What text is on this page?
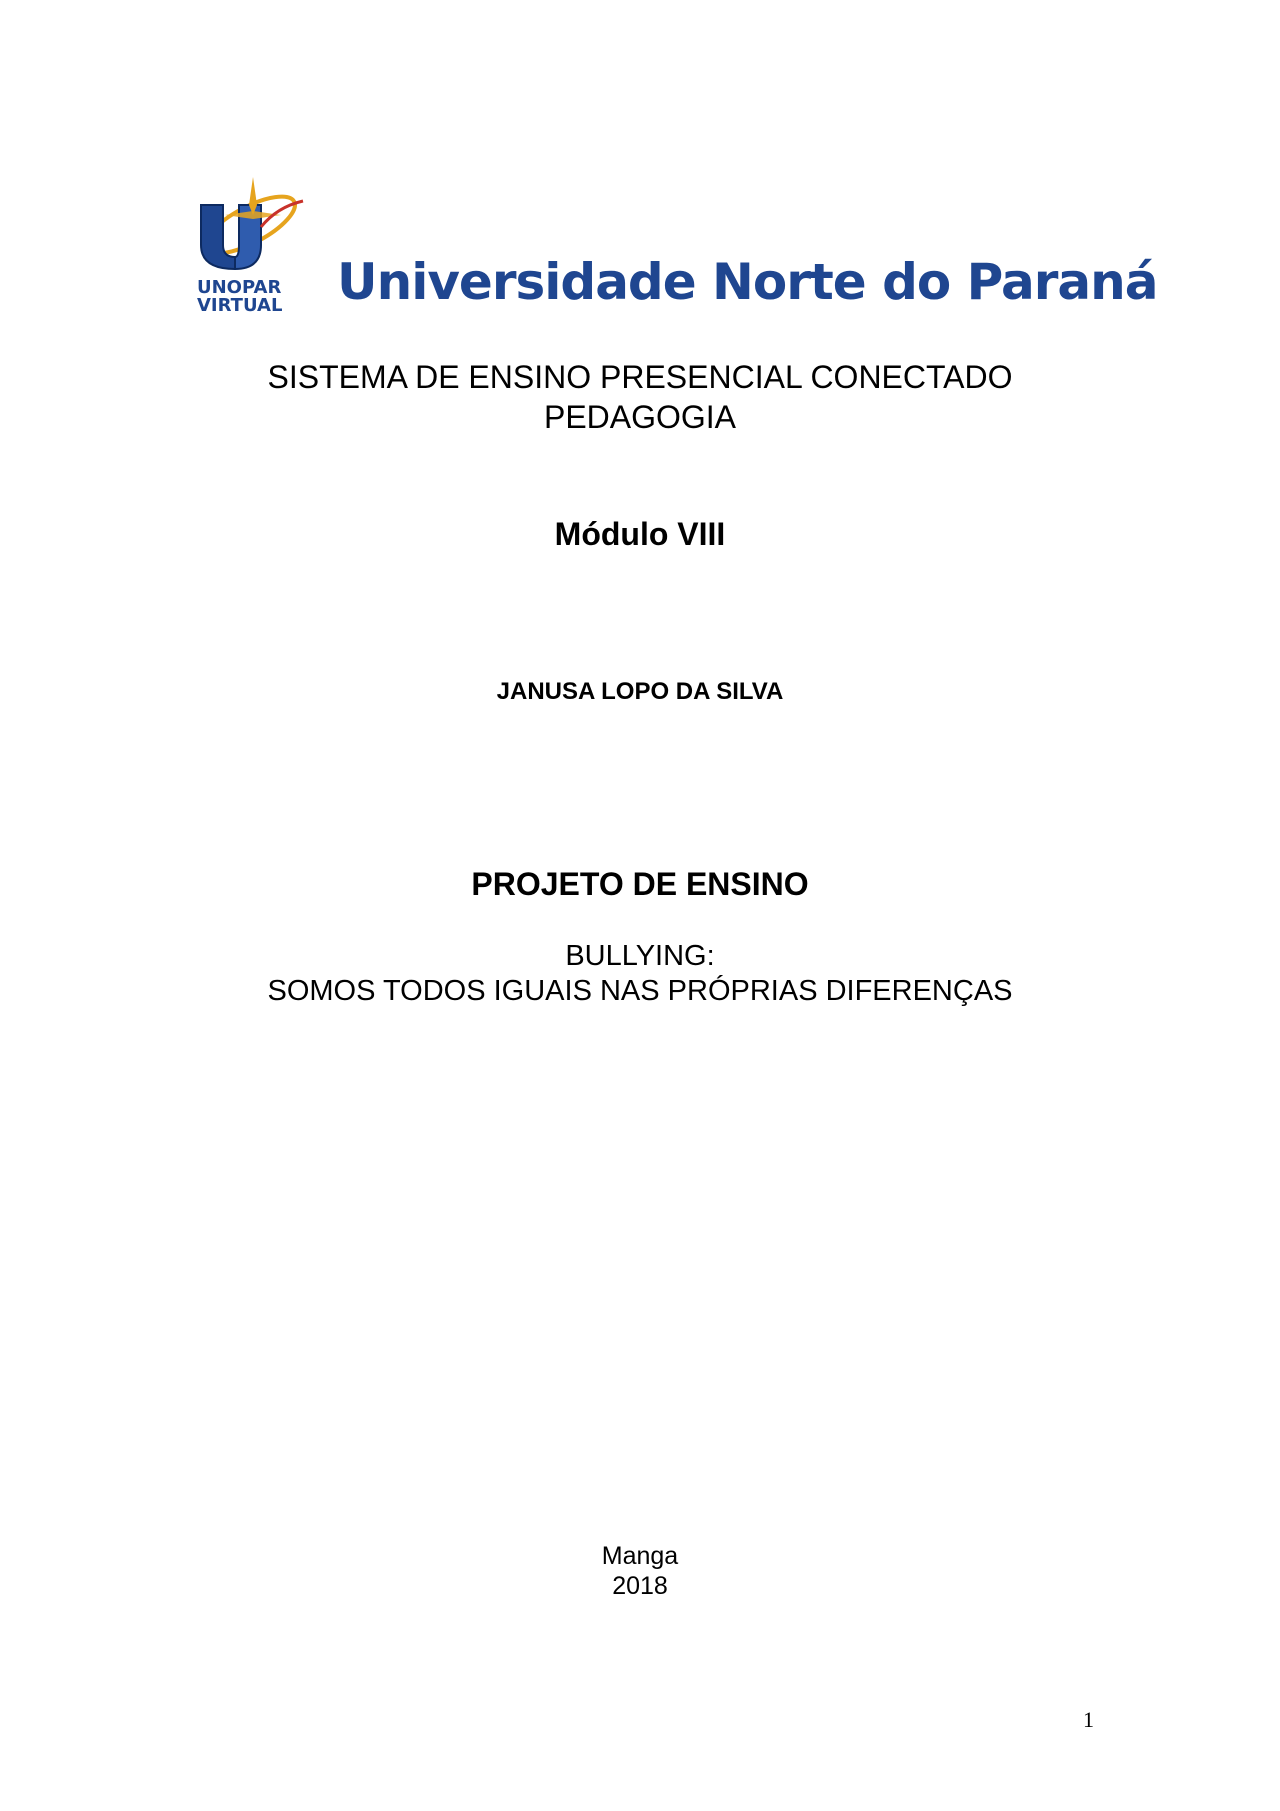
UNOPAR
VIRTUAL Universidade Norte do Paraná
SISTEMA DE ENSINO PRESENCIAL CONECTADO
PEDAGOGIA
Módulo VIII
JANUSA LOPO DA SILVA
PROJETO DE ENSINO
BULLYING:
SOMOS TODOS IGUAIS NAS PRÓPRIAS DIFERENÇAS
Manga
2018
1
